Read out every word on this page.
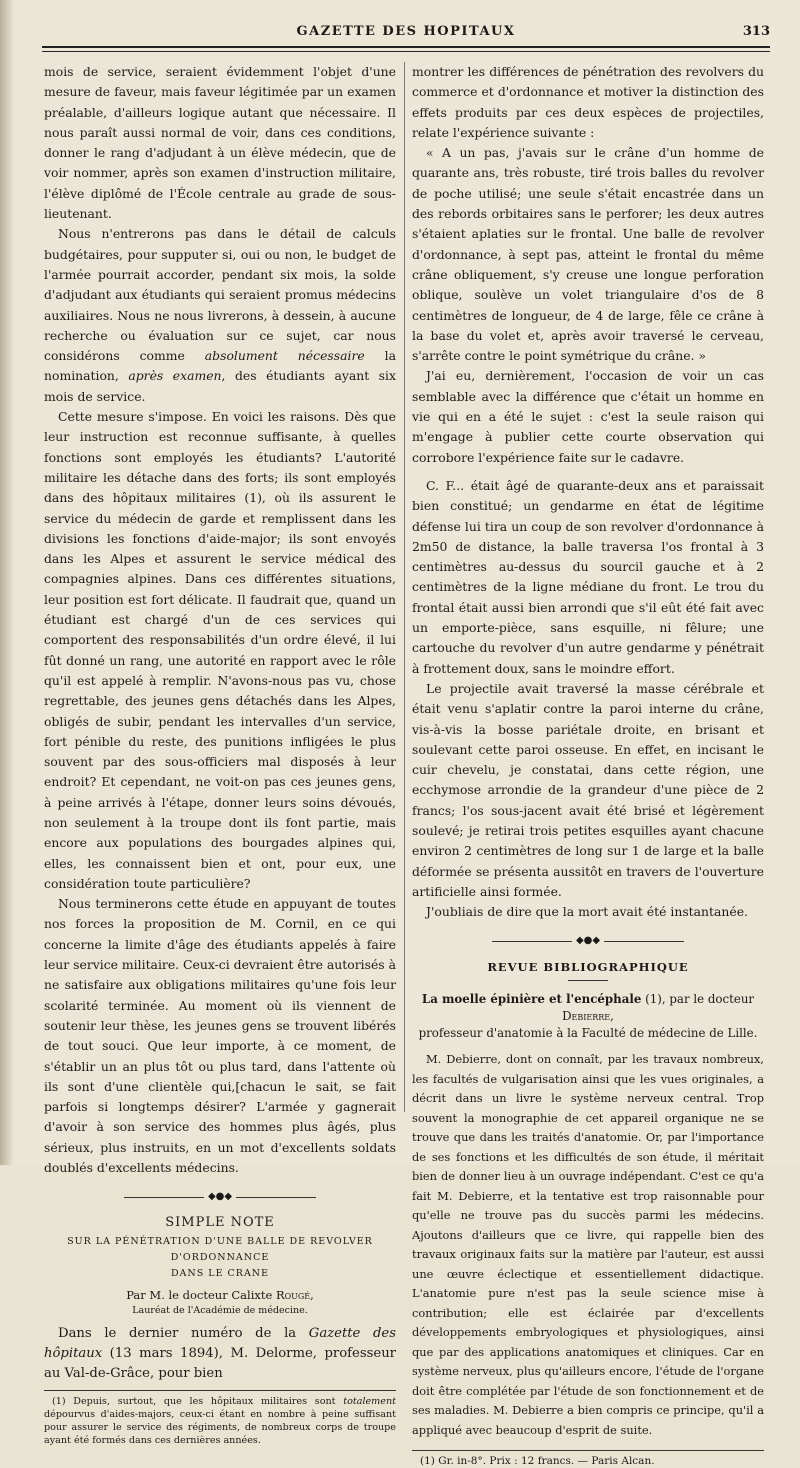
GAZETTE DES HOPITAUX	313

mois de service, seraient évidemment l'objet d'une mesure de faveur, mais faveur légitimée par un examen préalable, d'ailleurs logique autant que nécessaire. Il nous paraît aussi normal de voir, dans ces conditions, donner le rang d'adjudant à un élève médecin, que de voir nommer, après son examen d'instruction militaire, l'élève diplômé de l'École centrale au grade de sous-lieutenant.

Nous n'entrerons pas dans le détail de calculs budgétaires, pour supputer si, oui ou non, le budget de l'armée pourrait accorder, pendant six mois, la solde d'adjudant aux étudiants qui seraient promus médecins auxiliaires. Nous ne nous livrerons, à dessein, à aucune recherche ou évaluation sur ce sujet, car nous considérons comme absolument nécessaire la nomination, après examen, des étudiants ayant six mois de service.

Cette mesure s'impose. En voici les raisons. Dès que leur instruction est reconnue suffisante, à quelles fonctions sont employés les étudiants? L'autorité militaire les détache dans des forts; ils sont employés dans des hôpitaux militaires (1), où ils assurent le service du médecin de garde et remplissent dans les divisions les fonctions d'aide-major; ils sont envoyés dans les Alpes et assurent le service médical des compagnies alpines. Dans ces différentes situations, leur position est fort délicate. Il faudrait que, quand un étudiant est chargé d'un de ces services qui comportent des responsabilités d'un ordre élevé, il lui fût donné un rang, une autorité en rapport avec le rôle qu'il est appelé à remplir. N'avons-nous pas vu, chose regrettable, des jeunes gens détachés dans les Alpes, obligés de subir, pendant les intervalles d'un service, fort pénible du reste, des punitions infligées le plus souvent par des sous-officiers mal disposés à leur endroit? Et cependant, ne voit-on pas ces jeunes gens, à peine arrivés à l'étape, donner leurs soins dévoués, non seulement à la troupe dont ils font partie, mais encore aux populations des bourgades alpines qui, elles, les connaissent bien et ont, pour eux, une considération toute particulière?

Nous terminerons cette étude en appuyant de toutes nos forces la proposition de M. Cornil, en ce qui concerne la limite d'âge des étudiants appelés à faire leur service militaire. Ceux-ci devraient être autorisés à ne satisfaire aux obligations militaires qu'une fois leur scolarité terminée. Au moment où ils viennent de soutenir leur thèse, les jeunes gens se trouvent libérés de tout souci. Que leur importe, à ce moment, de s'établir un an plus tôt ou plus tard, dans l'attente où ils sont d'une clientèle qui,[chacun le sait, se fait parfois si longtemps désirer? L'armée y gagnerait d'avoir à son service des hommes plus âgés, plus sérieux, plus instruits, en un mot d'excellents soldats doublés d'excellents médecins.

◆●◆
SIMPLE NOTE
SUR LA PÉNÉTRATION D'UNE BALLE DE REVOLVER D'ORDONNANCE
DANS LE CRANE
Par M. le docteur Calixte Rougé,
Lauréat de l'Académie de médecine.

Dans le dernier numéro de la Gazette des hôpitaux (13 mars 1894), M. Delorme, professeur au Val-de-Grâce, pour bien

(1) Depuis, surtout, que les hôpitaux militaires sont totalement dépourvus d'aides-majors, ceux-ci étant en nombre à peine suffisant pour assurer le service des régiments, de nombreux corps de troupe ayant été formés dans ces dernières années.

montrer les différences de pénétration des revolvers du commerce et d'ordonnance et motiver la distinction des effets produits par ces deux espèces de projectiles, relate l'expérience suivante :

« A un pas, j'avais sur le crâne d'un homme de quarante ans, très robuste, tiré trois balles du revolver de poche utilisé; une seule s'était encastrée dans un des rebords orbitaires sans le perforer; les deux autres s'étaient aplaties sur le frontal. Une balle de revolver d'ordonnance, à sept pas, atteint le frontal du même crâne obliquement, s'y creuse une longue perforation oblique, soulève un volet triangulaire d'os de 8 centimètres de longueur, de 4 de large, fêle ce crâne à la base du volet et, après avoir traversé le cerveau, s'arrête contre le point symétrique du crâne. »

J'ai eu, dernièrement, l'occasion de voir un cas semblable avec la différence que c'était un homme en vie qui en a été le sujet : c'est la seule raison qui m'engage à publier cette courte observation qui corrobore l'expérience faite sur le cadavre.

C. F... était âgé de quarante-deux ans et paraissait bien constitué; un gendarme en état de légitime défense lui tira un coup de son revolver d'ordonnance à 2m50 de distance, la balle traversa l'os frontal à 3 centimètres au-dessus du sourcil gauche et à 2 centimètres de la ligne médiane du front. Le trou du frontal était aussi bien arrondi que s'il eût été fait avec un emporte-pièce, sans esquille, ni fêlure; une cartouche du revolver d'un autre gendarme y pénétrait à frottement doux, sans le moindre effort.

Le projectile avait traversé la masse cérébrale et était venu s'aplatir contre la paroi interne du crâne, vis-à-vis la bosse pariétale droite, en brisant et soulevant cette paroi osseuse. En effet, en incisant le cuir chevelu, je constatai, dans cette région, une ecchymose arrondie de la grandeur d'une pièce de 2 francs; l'os sous-jacent avait été brisé et légèrement soulevé; je retirai trois petites esquilles ayant chacune environ 2 centimètres de long sur 1 de large et la balle déformée se présenta aussitôt en travers de l'ouverture artificielle ainsi formée.

J'oubliais de dire que la mort avait été instantanée.

◆●◆
REVUE BIBLIOGRAPHIQUE
La moelle épinière et l'encéphale (1), par le docteur Debierre,
professeur d'anatomie à la Faculté de médecine de Lille.

M. Debierre, dont on connaît, par les travaux nombreux, les facultés de vulgarisation ainsi que les vues originales, a décrit dans un livre le système nerveux central. Trop souvent la monographie de cet appareil organique ne se trouve que dans les traités d'anatomie. Or, par l'importance de ses fonctions et les difficultés de son étude, il méritait bien de donner lieu à un ouvrage indépendant. C'est ce qu'a fait M. Debierre, et la tentative est trop raisonnable pour qu'elle ne trouve pas du succès parmi les médecins. Ajoutons d'ailleurs que ce livre, qui rappelle bien des travaux originaux faits sur la matière par l'auteur, est aussi une œuvre éclectique et essentiellement didactique. L'anatomie pure n'est pas la seule science mise à contribution; elle est éclairée par d'excellents développements embryologiques et physiologiques, ainsi que par des applications anatomiques et cliniques. Car en système nerveux, plus qu'ailleurs encore, l'étude de l'organe doit être complétée par l'étude de son fonctionnement et de ses maladies. M. Debierre a bien compris ce principe, qu'il a appliqué avec beaucoup d'esprit de suite.

(1) Gr. in-8°. Prix : 12 francs. — Paris Alcan.
